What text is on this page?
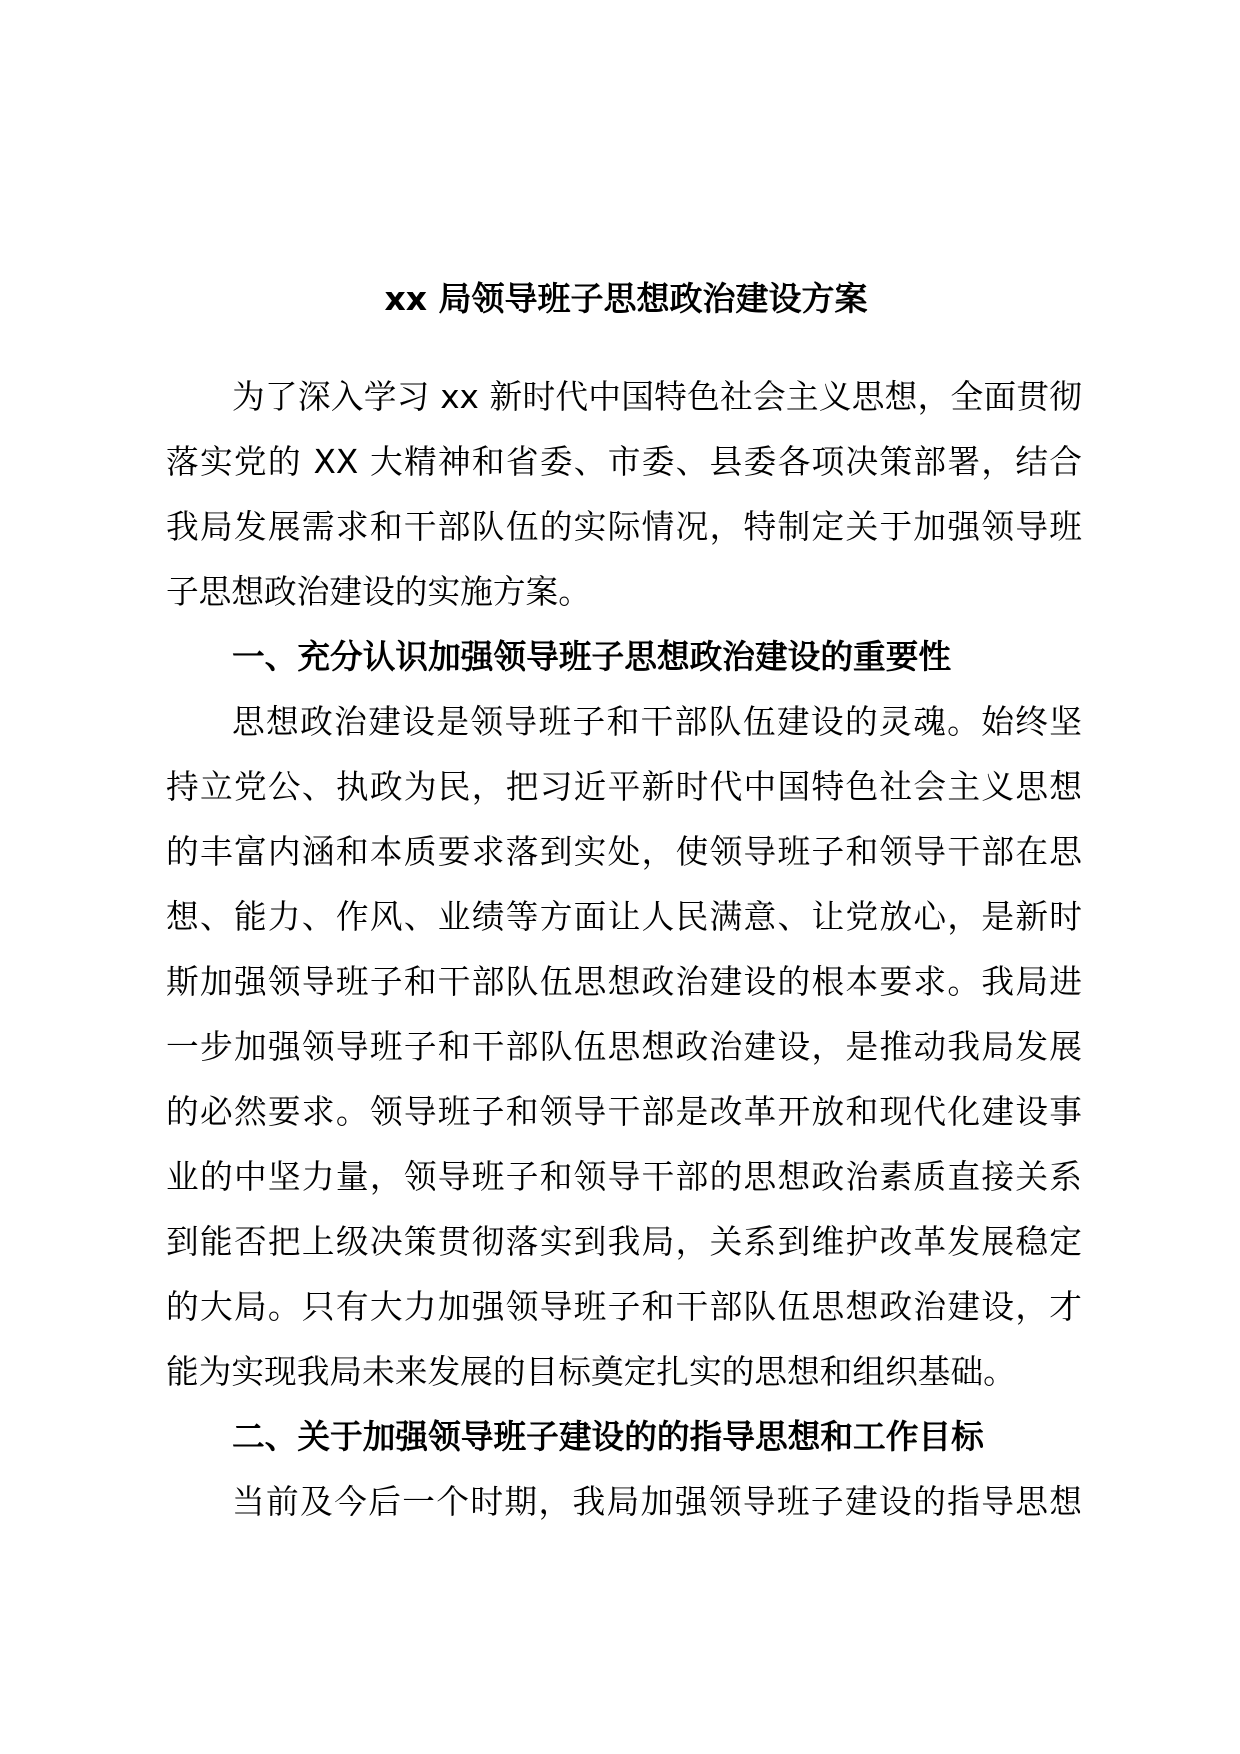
xx 局领导班子思想政治建设方案
为了深入学习 xx 新时代中国特色社会主义思想，全面贯彻
落实党的 XX 大精神和省委、市委、县委各项决策部署，结合
我局发展需求和干部队伍的实际情况，特制定关于加强领导班
子思想政治建设的实施方案。
一、充分认识加强领导班子思想政治建设的重要性
思想政治建设是领导班子和干部队伍建设的灵魂。始终坚
持立党公、执政为民，把习近平新时代中国特色社会主义思想
的丰富内涵和本质要求落到实处，使领导班子和领导干部在思
想、能力、作风、业绩等方面让人民满意、让党放心，是新时
斯加强领导班子和干部队伍思想政治建设的根本要求。我局进
一步加强领导班子和干部队伍思想政治建设，是推动我局发展
的必然要求。领导班子和领导干部是改革开放和现代化建设事
业的中坚力量，领导班子和领导干部的思想政治素质直接关系
到能否把上级决策贯彻落实到我局，关系到维护改革发展稳定
的大局。只有大力加强领导班子和干部队伍思想政治建设，才
能为实现我局未来发展的目标奠定扎实的思想和组织基础。
二、关于加强领导班子建设的的指导思想和工作目标
当前及今后一个时期，我局加强领导班子建设的指导思想
